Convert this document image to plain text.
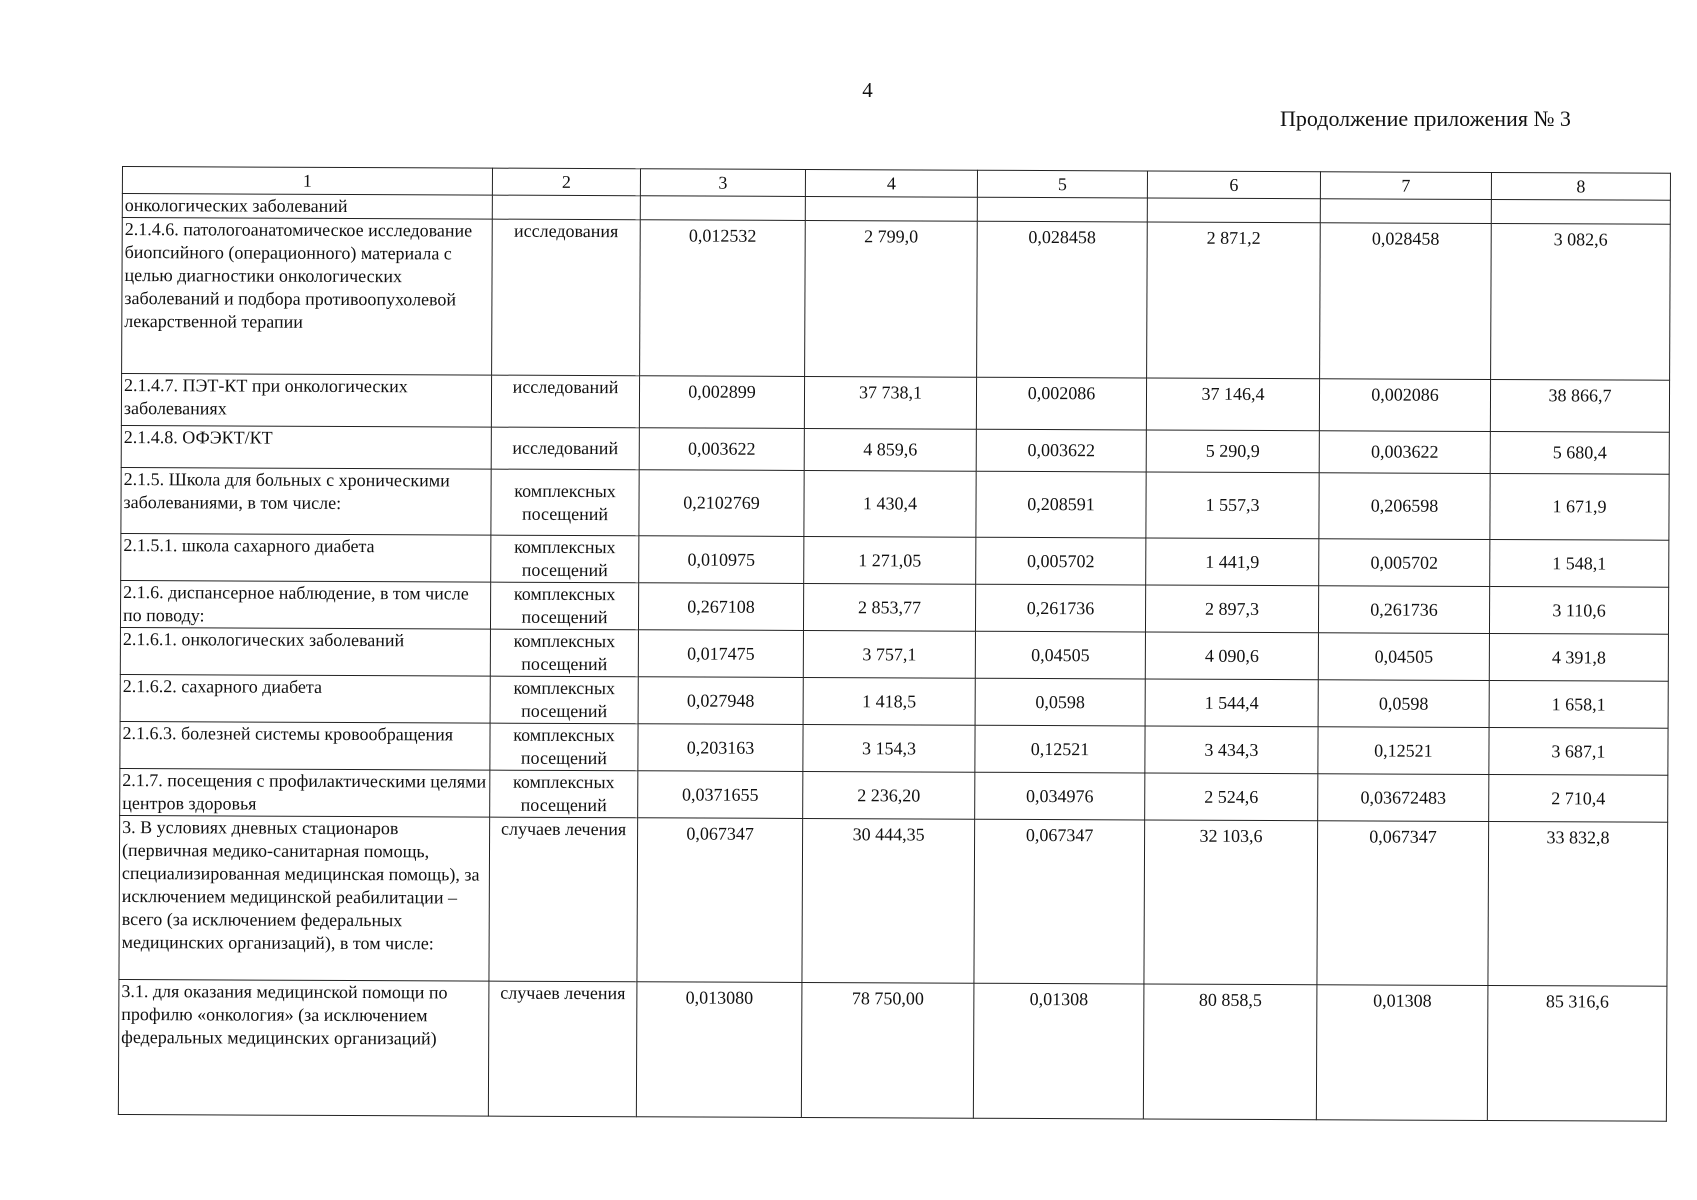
4
Продолжение приложения № 3
1	2	3	4	5	6	7	8
онкологических заболеваний							
2.1.4.6. патологоанатомическое исследование биопсийного (операционного) материала с целью диагностики онкологических заболеваний и подбора противоопухолевой лекарственной терапии	исследования	0,012532	2 799,0	0,028458	2 871,2	0,028458	3 082,6
2.1.4.7. ПЭТ-КТ при онкологических заболеваниях	исследований	0,002899	37 738,1	0,002086	37 146,4	0,002086	38 866,7
2.1.4.8. ОФЭКТ/КТ	исследований	0,003622	4 859,6	0,003622	5 290,9	0,003622	5 680,4
2.1.5. Школа для больных с хроническими заболеваниями, в том числе:	комплексных посещений	0,2102769	1 430,4	0,208591	1 557,3	0,206598	1 671,9
2.1.5.1. школа сахарного диабета	комплексных посещений	0,010975	1 271,05	0,005702	1 441,9	0,005702	1 548,1
2.1.6. диспансерное наблюдение, в том числе по поводу:	комплексных посещений	0,267108	2 853,77	0,261736	2 897,3	0,261736	3 110,6
2.1.6.1. онкологических заболеваний	комплексных посещений	0,017475	3 757,1	0,04505	4 090,6	0,04505	4 391,8
2.1.6.2. сахарного диабета	комплексных посещений	0,027948	1 418,5	0,0598	1 544,4	0,0598	1 658,1
2.1.6.3. болезней системы кровообращения	комплексных посещений	0,203163	3 154,3	0,12521	3 434,3	0,12521	3 687,1
2.1.7. посещения с профилактическими целями центров здоровья	комплексных посещений	0,0371655	2 236,20	0,034976	2 524,6	0,03672483	2 710,4
3. В условиях дневных стационаров (первичная медико-санитарная помощь, специализированная медицинская помощь), за исключением медицинской реабилитации – всего (за исключением федеральных медицинских организаций), в том числе:	случаев лечения	0,067347	30 444,35	0,067347	32 103,6	0,067347	33 832,8
3.1. для оказания медицинской помощи по профилю «онкология» (за исключением федеральных медицинских организаций)	случаев лечения	0,013080	78 750,00	0,01308	80 858,5	0,01308	85 316,6
